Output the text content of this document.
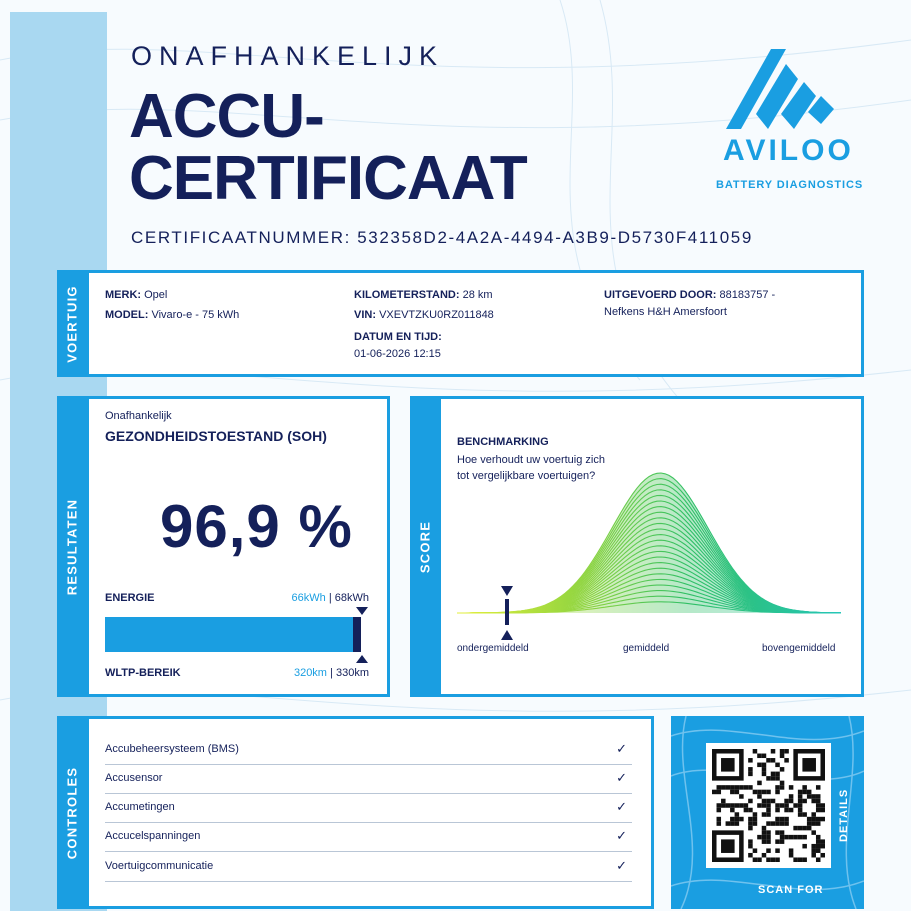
ONAFHANKELIJK
ACCU-
CERTIFICAAT
CERTIFICAATNUMMER: 532358D2-4A2A-4494-A3B9-D5730F411059
AVILOO
BATTERY DIAGNOSTICS
VOERTUIG MERK: Opel
MODEL: Vivaro-e - 75 kWh
KILOMETERSTAND: 28 km
VIN: VXEVTZKU0RZ011848
DATUM EN TIJD:
01-06-2026 12:15
UITGEVOERD DOOR: 88183757 -
Nefkens H&H Amersfoort
RESULTATEN
Onafhankelijk
GEZONDHEIDSTOESTAND (SOH)
96,9 %
ENERGIE	66kWh | 68kWh
WLTP-BEREIK	320km | 330km
SCORE
BENCHMARKING
Hoe verhoudt uw voertuig zich tot vergelijkbare voertuigen?
ondergemiddeld	gemiddeld	bovengemiddeld
CONTROLES
Accubeheersysteem (BMS)	✓
Accusensor	✓
Accumetingen	✓
Accucelspanningen	✓
Voertuigcommunicatie	✓
SCAN FOR
DETAILS
